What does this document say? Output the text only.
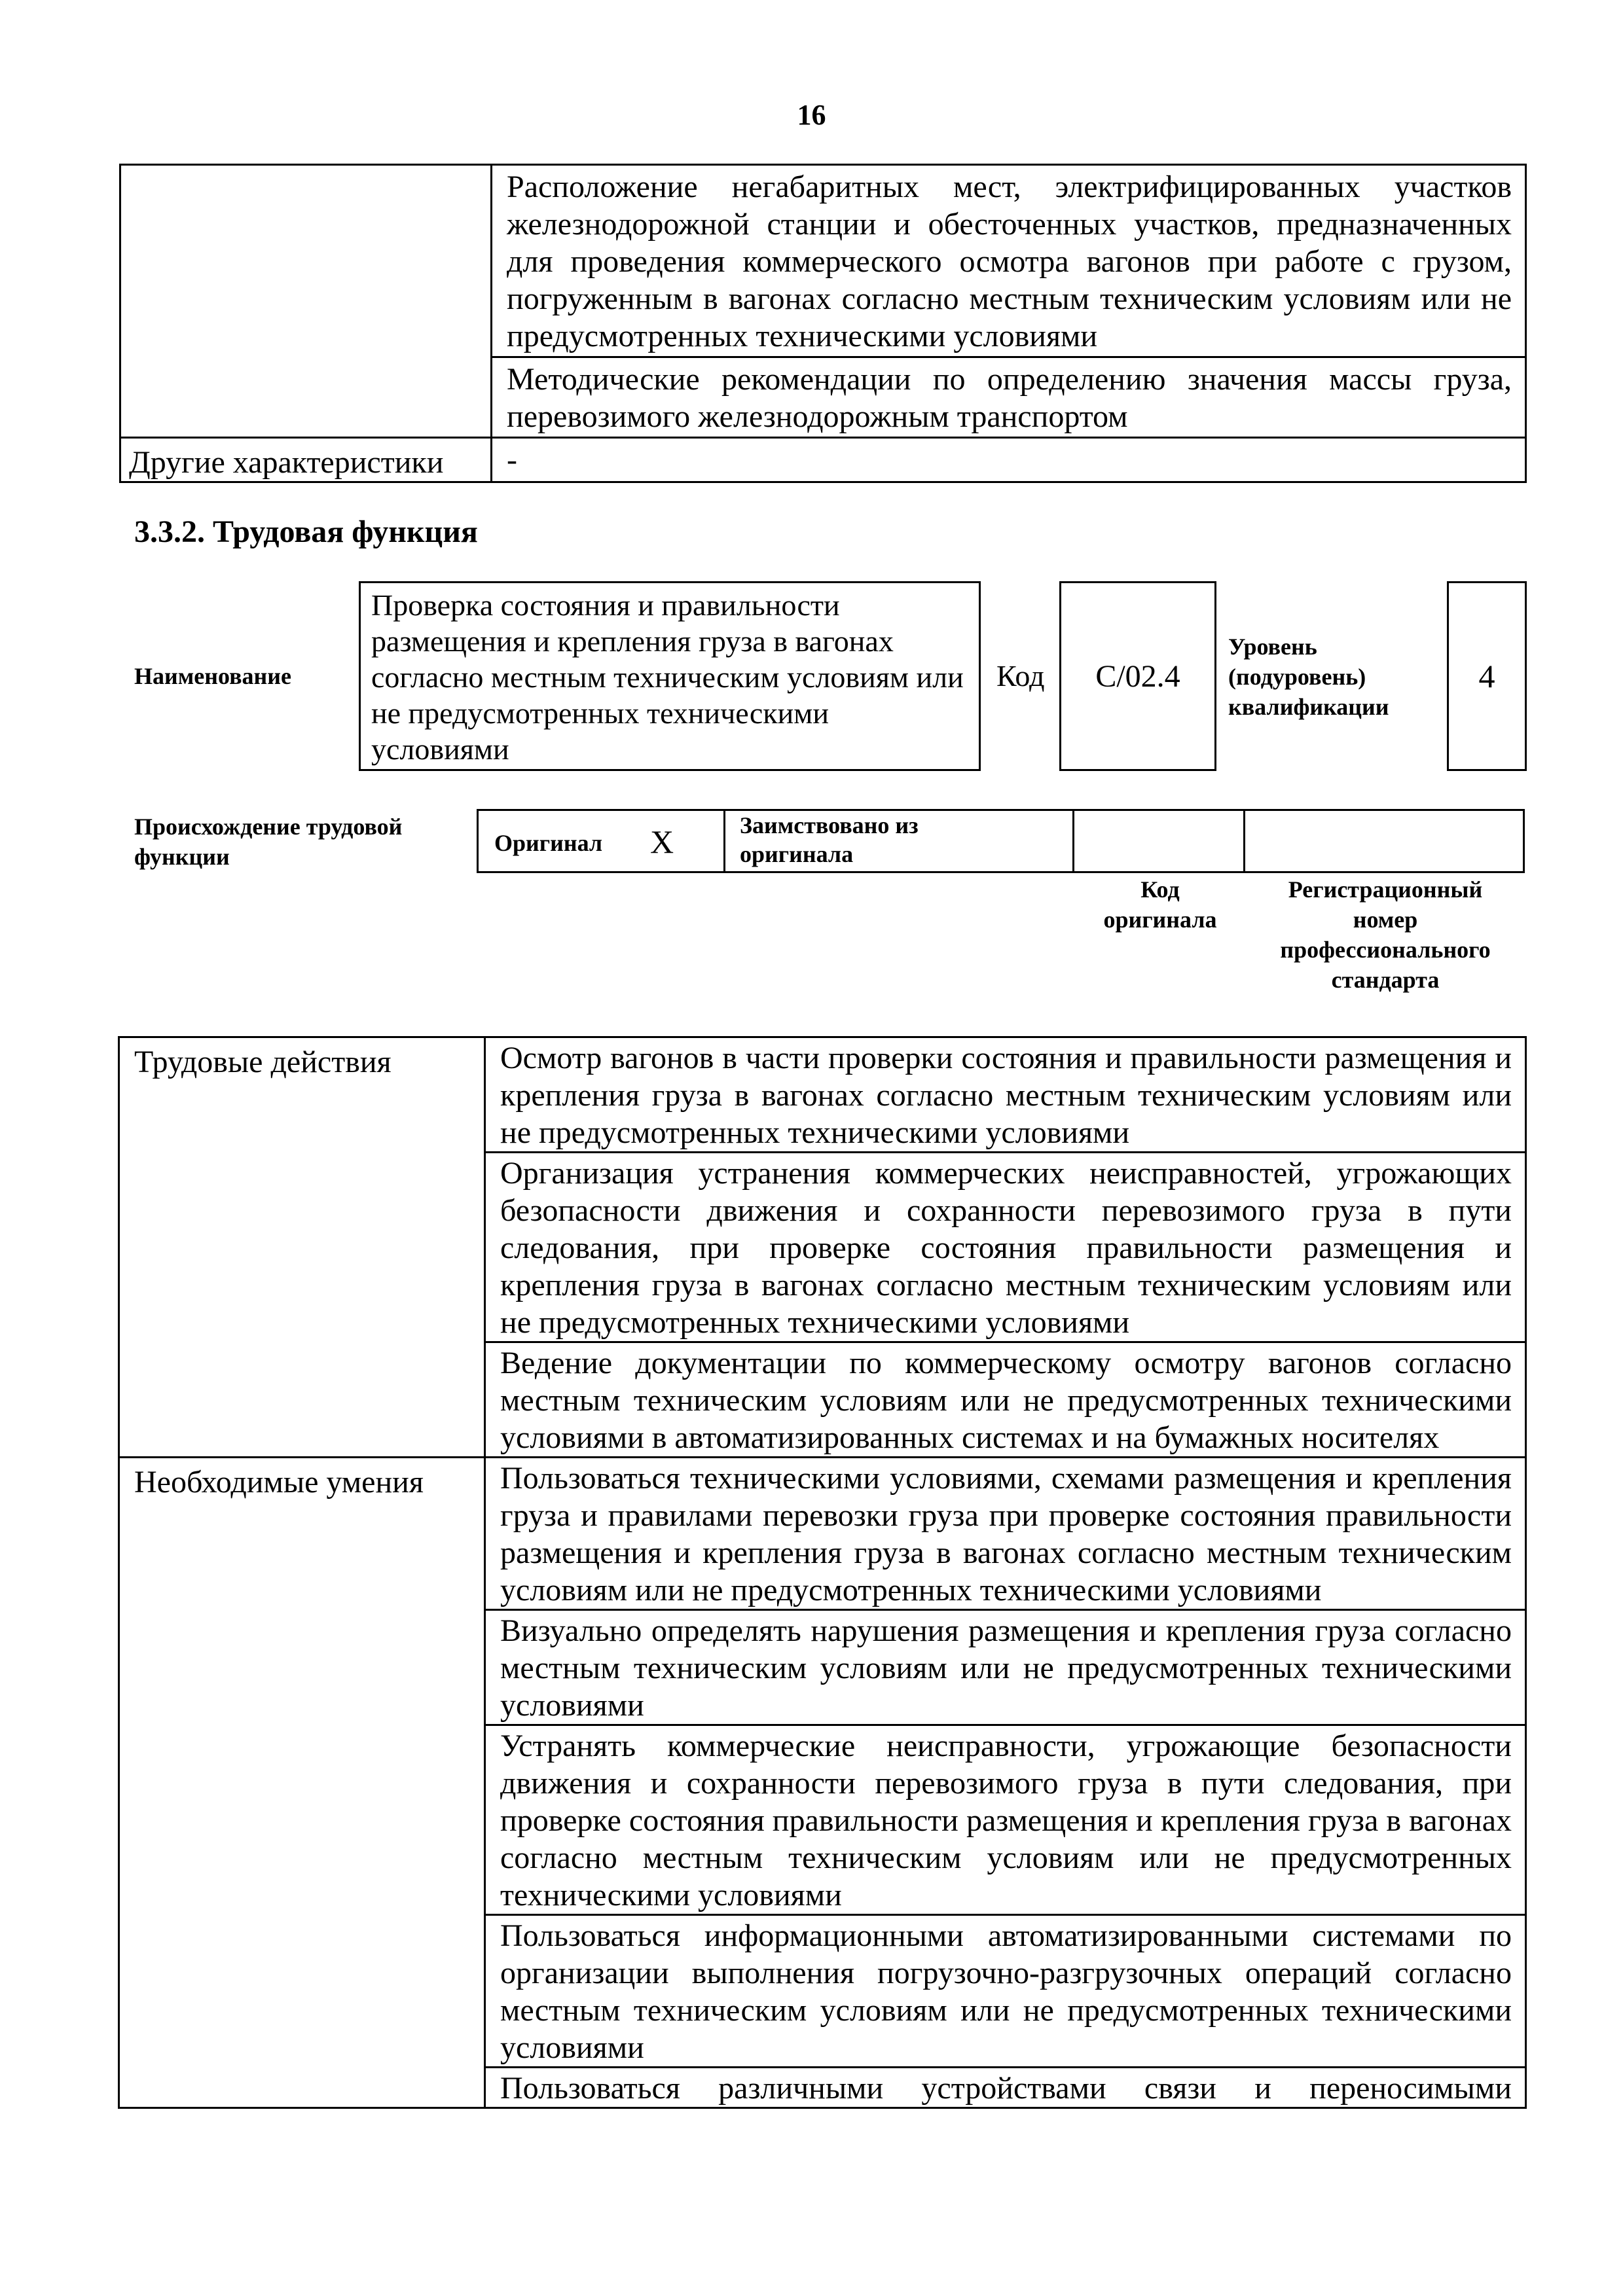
16
	Расположение негабаритных мест, электрифицированных участков железнодорожной станции и обесточенных участков, предназначенных для проведения коммерческого осмотра вагонов при работе с грузом, погруженным в вагонах согласно местным техническим условиям или не предусмотренных техническими условиями
	Методические рекомендации по определению значения массы груза, перевозимого железнодорожным транспортом
Другие характеристики	-
3.3.2. Трудовая функция
Наименование
Проверка состояния и правильности размещения и крепления груза в вагонах согласно местным техническим условиям или не предусмотренных техническими условиями
Код C/02.4
Уровень
(подуровень)
квалификации
4
Происхождение трудовой
функции
Оригинал X	Заимствовано из
оригинала
Код
оригинала
Регистрационный
номер
профессионального
стандарта
Трудовые действия	Осмотр вагонов в части проверки состояния и правильности размещения и крепления груза в вагонах согласно местным техническим условиям или не предусмотренных техническими условиями
	Организация устранения коммерческих неисправностей, угрожающих безопасности движения и сохранности перевозимого груза в пути следования, при проверке состояния правильности размещения и крепления груза в вагонах согласно местным техническим условиям или не предусмотренных техническими условиями
	Ведение документации по коммерческому осмотру вагонов согласно местным техническим условиям или не предусмотренных техническими условиями в автоматизированных системах и на бумажных носителях
Необходимые умения	Пользоваться техническими условиями, схемами размещения и крепления груза и правилами перевозки груза при проверке состояния правильности размещения и крепления груза в вагонах согласно местным техническим условиям или не предусмотренных техническими условиями
	Визуально определять нарушения размещения и крепления груза согласно местным техническим условиям или не предусмотренных техническими условиями
	Устранять коммерческие неисправности, угрожающие безопасности движения и сохранности перевозимого груза в пути следования, при проверке состояния правильности размещения и крепления груза в вагонах согласно местным техническим условиям или не предусмотренных техническими условиями
	Пользоваться информационными автоматизированными системами по организации выполнения погрузочно-разгрузочных операций согласно местным техническим условиям или не предусмотренных техническими условиями
	Пользоваться различными устройствами связи и переносимыми
